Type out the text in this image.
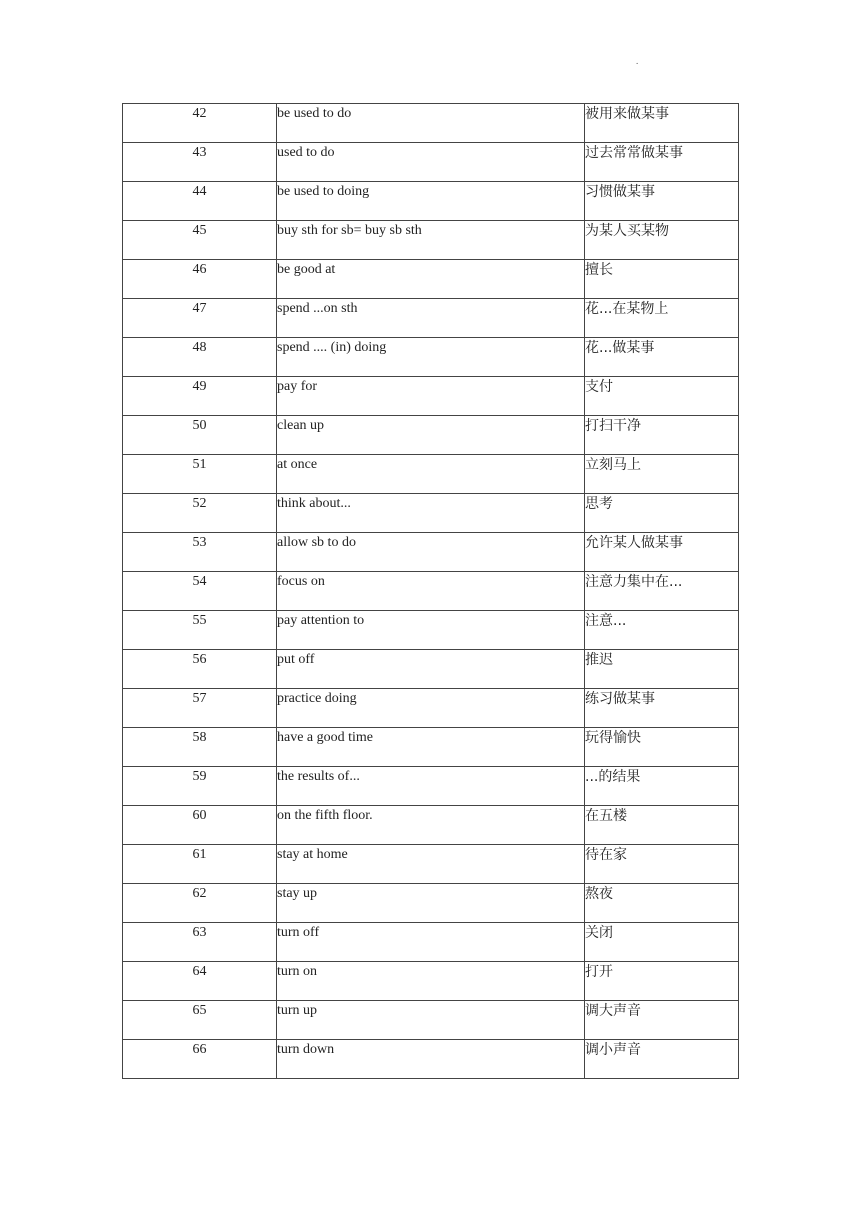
.
42	be used to do	被用来做某事
43	used to do	过去常常做某事
44	be used to doing	习惯做某事
45	buy sth for sb= buy sb sth	为某人买某物
46	be good at	擅长
47	spend ...on sth	花...在某物上
48	spend .... (in) doing	花...做某事
49	pay for	支付
50	clean up	打扫干净
51	at once	立刻马上
52	think about...	思考
53	allow sb to do	允许某人做某事
54	focus on	注意力集中在...
55	pay attention to	注意...
56	put off	推迟
57	practice doing	练习做某事
58	have a good time	玩得愉快
59	the results of...	...的结果
60	on the fifth floor.	在五楼
61	stay at home	待在家
62	stay up	熬夜
63	turn off	关闭
64	turn on	打开
65	turn up	调大声音
66	turn down	调小声音
